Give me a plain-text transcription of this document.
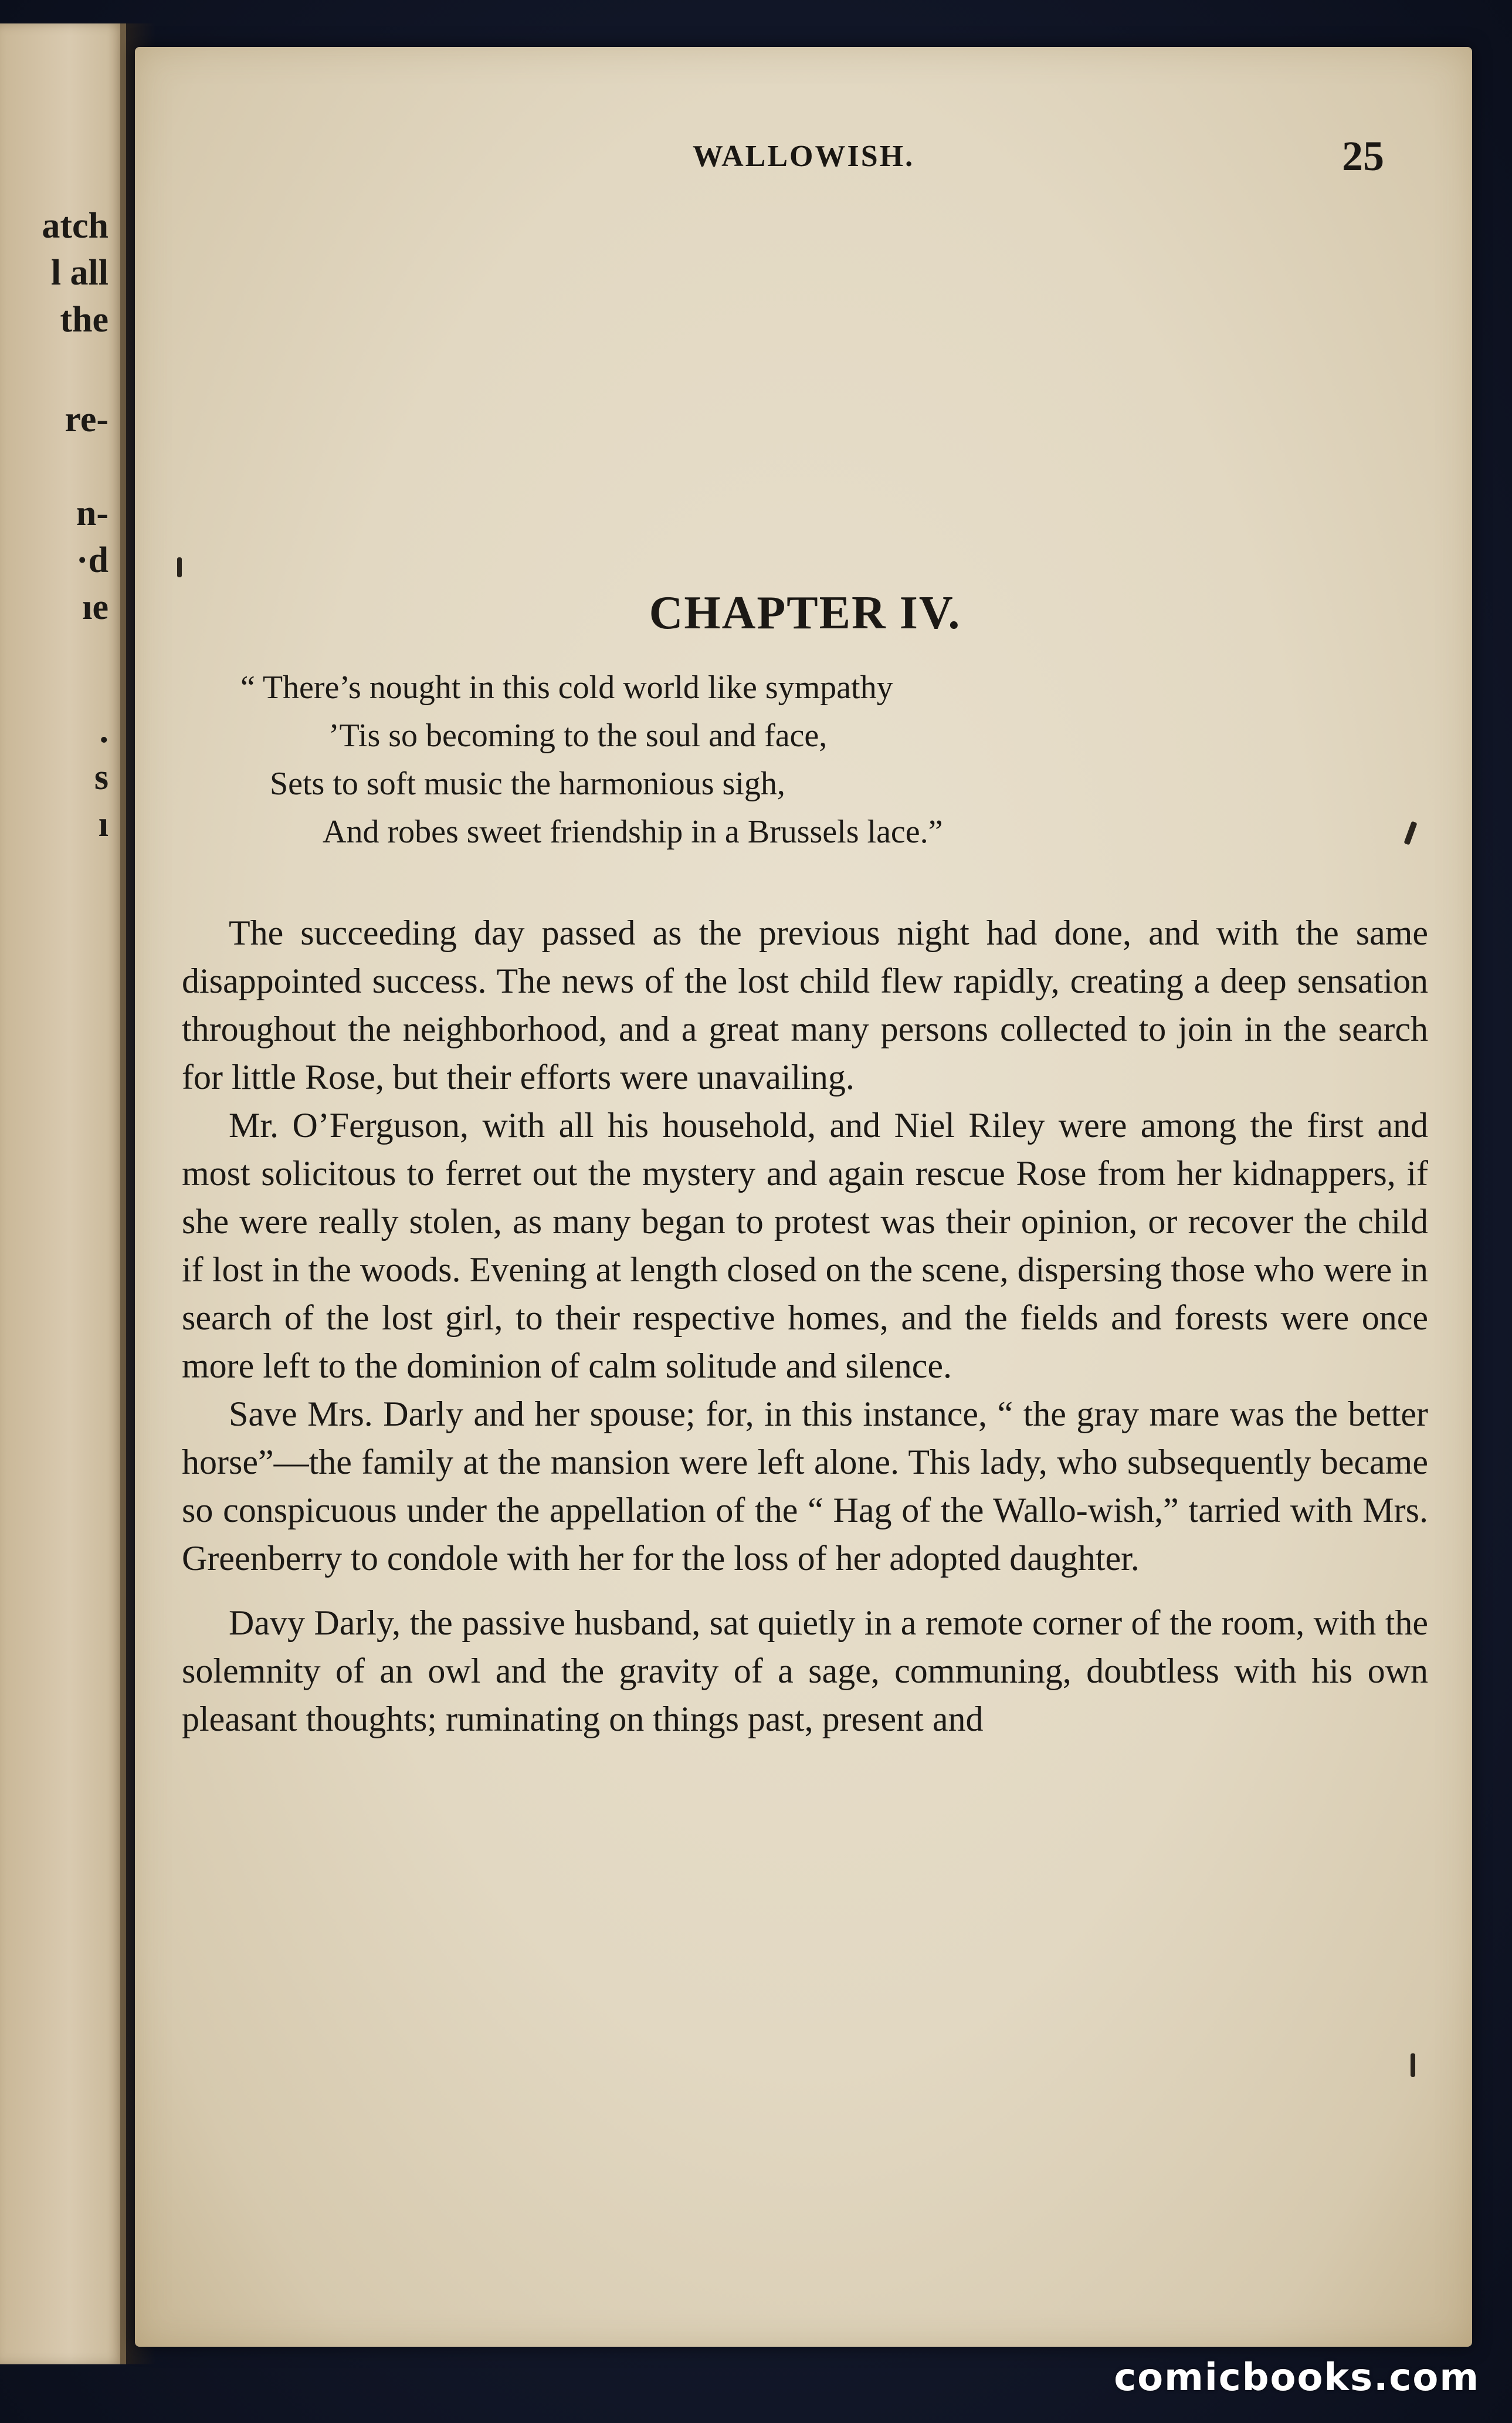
atch
l all
the
re-
n-
·d
ıe
.
s
ı
WALLOWISH.	25
CHAPTER IV.
“ There’s nought in this cold world like sympathy
’Tis so becoming to the soul and face,
Sets to soft music the harmonious sigh,
And robes sweet friendship in a Brussels lace.”

The succeeding day passed as the previous night had done, and with the same disappointed success. The news of the lost child flew rapidly, creating a deep sensation throughout the neighborhood, and a great many persons collected to join in the search for little Rose, but their efforts were unavailing.

Mr. O’Ferguson, with all his household, and Niel Riley were among the first and most solicitous to ferret out the mystery and again rescue Rose from her kidnappers, if she were really stolen, as many began to protest was their opinion, or recover the child if lost in the woods. Evening at length closed on the scene, dispersing those who were in search of the lost girl, to their respective homes, and the fields and forests were once more left to the dominion of calm solitude and silence.

Save Mrs. Darly and her spouse; for, in this instance, “ the gray mare was the better horse”—the family at the mansion were left alone. This lady, who subsequently became so conspicuous under the appellation of the “ Hag of the Wallo-wish,” tarried with Mrs. Greenberry to condole with her for the loss of her adopted daughter.

Davy Darly, the passive husband, sat quietly in a remote corner of the room, with the solemnity of an owl and the gravity of a sage, communing, doubtless with his own pleasant thoughts; ruminating on things past, present and

comicbooks.com
